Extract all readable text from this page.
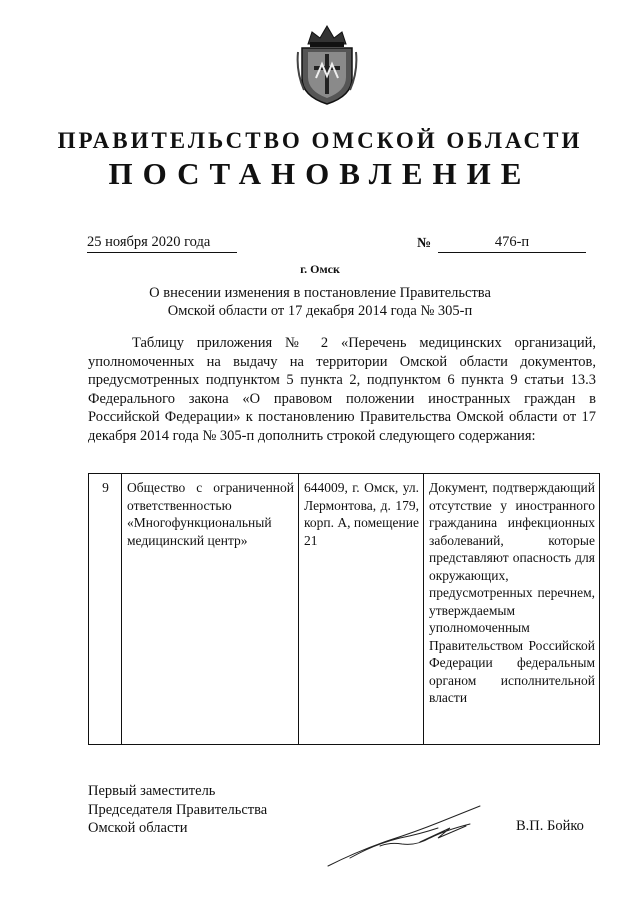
ПРАВИТЕЛЬСТВО ОМСКОЙ ОБЛАСТИ
ПОСТАНОВЛЕНИЕ
25 ноября 2020 года	№	476-п
г. Омск
О внесении изменения в постановление Правительства
Омской области от 17 декабря 2014 года № 305-п
Таблицу приложения № 2 «Перечень медицинских организаций, уполномоченных на выдачу на территории Омской области документов, предусмотренных подпунктом 5 пункта 2, подпунктом 6 пункта 9 статьи 13.3 Федерального закона «О правовом положении иностранных граждан в Российской Федерации» к постановлению Правительства Омской области от 17 декабря 2014 года № 305-п дополнить строкой следующего содержания:
9	Общество с ограниченной ответственностью «Многофункциональный медицинский центр»	644009, г. Омск, ул. Лермонтова, д. 179, корп. А, помещение 21	Документ, подтверждающий отсутствие у иностранного гражданина инфекционных заболеваний, которые представляют опасность для окружающих, предусмотренных перечнем, утверждаемым уполномоченным Правительством Российской Федерации федеральным органом исполнительной власти
Первый заместитель
Председателя Правительства
Омской области	В.П. Бойко
